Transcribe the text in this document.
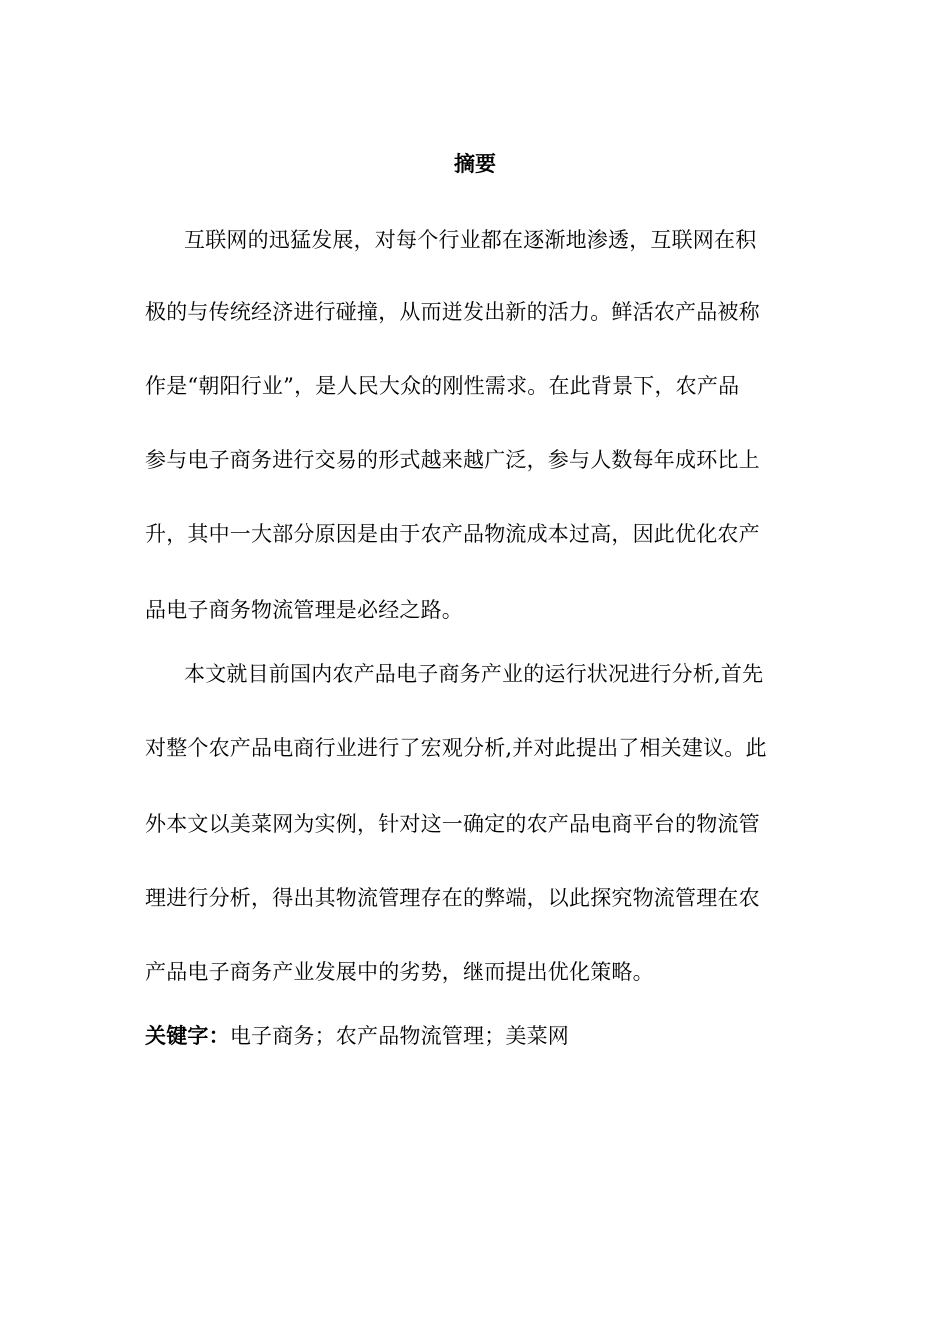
摘要
互联网的迅猛发展，对每个行业都在逐渐地渗透，互联网在积
极的与传统经济进行碰撞，从而迸发出新的活力。鲜活农产品被称
作是“朝阳行业”，是人民大众的刚性需求。在此背景下，农产品
参与电子商务进行交易的形式越来越广泛，参与人数每年成环比上
升，其中一大部分原因是由于农产品物流成本过高，因此优化农产
品电子商务物流管理是必经之路。
本文就目前国内农产品电子商务产业的运行状况进行分析,首先
对整个农产品电商行业进行了宏观分析,并对此提出了相关建议。此
外本文以美菜网为实例，针对这一确定的农产品电商平台的物流管
理进行分析，得出其物流管理存在的弊端，以此探究物流管理在农
产品电子商务产业发展中的劣势，继而提出优化策略。
关键字：电子商务；农产品物流管理；美菜网
